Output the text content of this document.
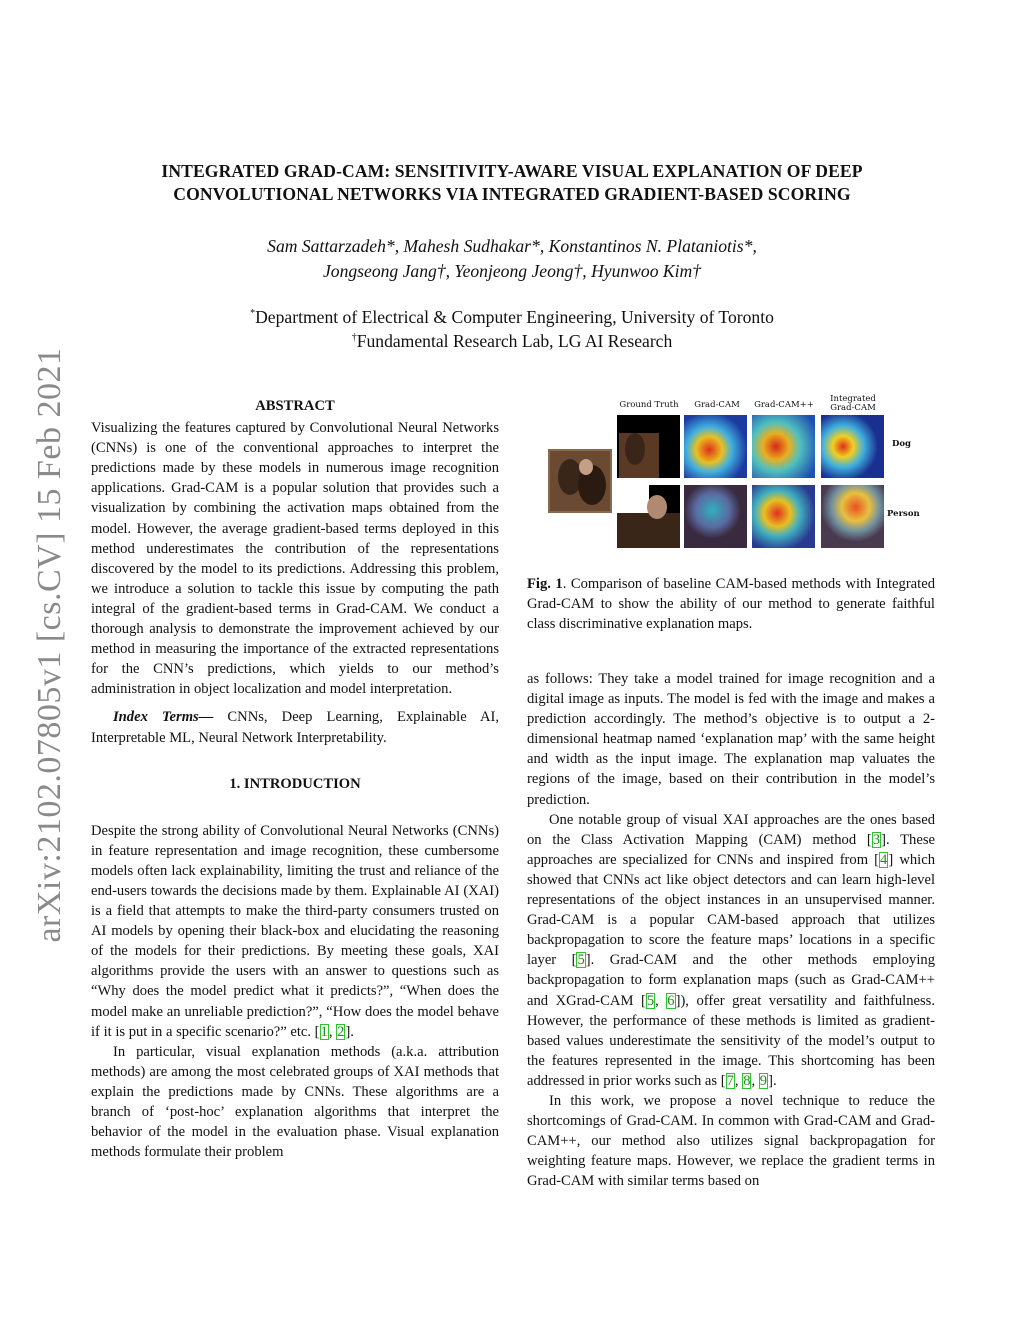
arXiv:2102.07805v1 [cs.CV] 15 Feb 2021
INTEGRATED GRAD-CAM: SENSITIVITY-AWARE VISUAL EXPLANATION OF DEEP
CONVOLUTIONAL NETWORKS VIA INTEGRATED GRADIENT-BASED SCORING
Sam Sattarzadeh*, Mahesh Sudhakar*, Konstantinos N. Plataniotis*,
Jongseong Jang†, Yeonjeong Jeong†, Hyunwoo Kim†
*Department of Electrical & Computer Engineering, University of Toronto
†Fundamental Research Lab, LG AI Research
ABSTRACT

Visualizing the features captured by Convolutional Neural Networks (CNNs) is one of the conventional approaches to interpret the predictions made by these models in numerous image recognition applications. Grad-CAM is a popular solution that provides such a visualization by combining the activation maps obtained from the model. However, the average gradient-based terms deployed in this method underestimates the contribution of the representations discovered by the model to its predictions. Addressing this problem, we introduce a solution to tackle this issue by computing the path integral of the gradient-based terms in Grad-CAM. We conduct a thorough analysis to demonstrate the improvement achieved by our method in measuring the importance of the extracted representations for the CNN’s predictions, which yields to our method’s administration in object localization and model interpretation.

Index Terms— CNNs, Deep Learning, Explainable AI, Interpretable ML, Neural Network Interpretability.

1. INTRODUCTION

Despite the strong ability of Convolutional Neural Networks (CNNs) in feature representation and image recognition, these cumbersome models often lack explainability, limiting the trust and reliance of the end-users towards the decisions made by them. Explainable AI (XAI) is a field that attempts to make the third-party consumers trusted on AI models by opening their black-box and elucidating the reasoning of the models for their predictions. By meeting these goals, XAI algorithms provide the users with an answer to questions such as “Why does the model predict what it predicts?”, “When does the model make an unreliable prediction?”, “How does the model behave if it is put in a specific scenario?” etc. [1, 2].

In particular, visual explanation methods (a.k.a. attribution methods) are among the most celebrated groups of XAI methods that explain the predictions made by CNNs. These algorithms are a branch of ‘post-hoc’ explanation algorithms that interpret the behavior of the model in the evaluation phase. Visual explanation methods formulate their problem

Ground Truth	Grad-CAM	Grad-CAM++
Integrated Grad-CAM
Dog
Person
Fig. 1. Comparison of baseline CAM-based methods with Integrated Grad-CAM to show the ability of our method to generate faithful class discriminative explanation maps.

as follows: They take a model trained for image recognition and a digital image as inputs. The model is fed with the image and makes a prediction accordingly. The method’s objective is to output a 2-dimensional heatmap named ‘explanation map’ with the same height and width as the input image. The explanation map valuates the regions of the image, based on their contribution in the model’s prediction.

One notable group of visual XAI approaches are the ones based on the Class Activation Mapping (CAM) method [3]. These approaches are specialized for CNNs and inspired from [4] which showed that CNNs act like object detectors and can learn high-level representations of the object instances in an unsupervised manner. Grad-CAM is a popular CAM-based approach that utilizes backpropagation to score the feature maps’ locations in a specific layer [5]. Grad-CAM and the other methods employing backpropagation to form explanation maps (such as Grad-CAM++ and XGrad-CAM [5, 6]), offer great versatility and faithfulness. However, the performance of these methods is limited as gradient-based values underestimate the sensitivity of the model’s output to the features represented in the image. This shortcoming has been addressed in prior works such as [7, 8, 9].

In this work, we propose a novel technique to reduce the shortcomings of Grad-CAM. In common with Grad-CAM and Grad-CAM++, our method also utilizes signal backpropagation for weighting feature maps. However, we replace the gradient terms in Grad-CAM with similar terms based on
